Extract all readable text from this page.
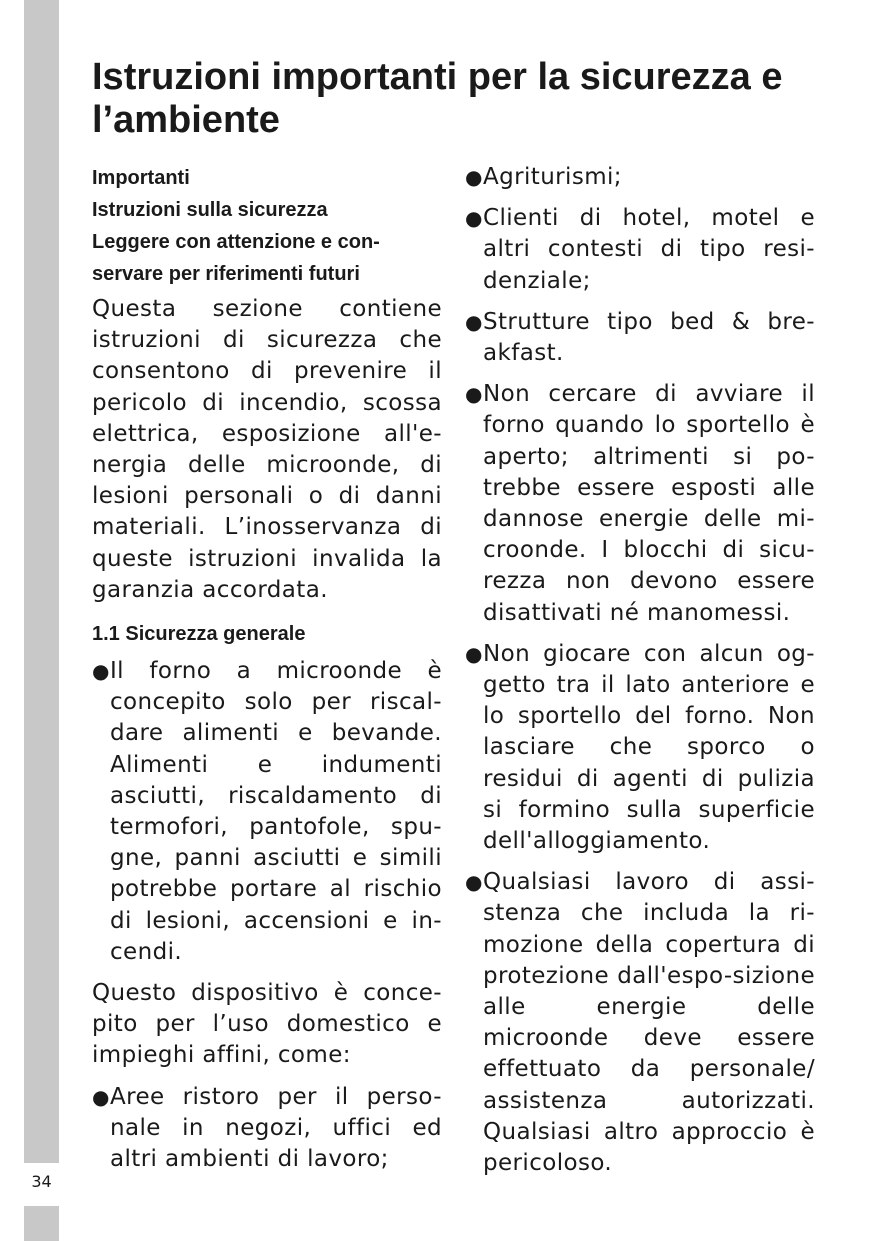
34
Istruzioni importanti per la sicurezza e l’ambiente

Importanti

Istruzioni sulla sicurezza

Leggere con attenzione e con-servare per riferimenti futuri

Questa sezione contiene istruzioni di sicurezza che consentono di prevenire il pericolo di incendio, scossa elettrica, esposizione all'e-nergia delle microonde, di lesioni personali o di danni materiali. L’inosservanza di queste istruzioni invalida la garanzia accordata.

1.1 Sicurezza generale

● Il forno a microonde è concepito solo per riscal-dare alimenti e bevande. Alimenti e indumenti asciutti, riscaldamento di termofori, pantofole, spu-gne, panni asciutti e simili potrebbe portare al rischio di lesioni, accensioni e in-cendi.

Questo dispositivo è conce-pito per l’uso domestico e impieghi affini, come:

● Aree ristoro per il perso-nale in negozi, uffici ed altri ambienti di lavoro;
● Agriturismi;
● Clienti di hotel, motel e altri contesti di tipo resi-denziale;
● Strutture tipo bed & bre-akfast.
● Non cercare di avviare il forno quando lo sportello è aperto; altrimenti si po-trebbe essere esposti alle dannose energie delle mi-croonde. I blocchi di sicu-rezza non devono essere disattivati né manomessi.
● Non giocare con alcun og-getto tra il lato anteriore e lo sportello del forno. Non lasciare che sporco o residui di agenti di pulizia si formino sulla superficie dell'alloggiamento.
● Qualsiasi lavoro di assi-stenza che includa la ri-mozione della copertura di protezione dall'espo-sizione alle energie delle microonde deve essere effettuato da personale/ assistenza autorizzati. Qualsiasi altro approccio è pericoloso.
